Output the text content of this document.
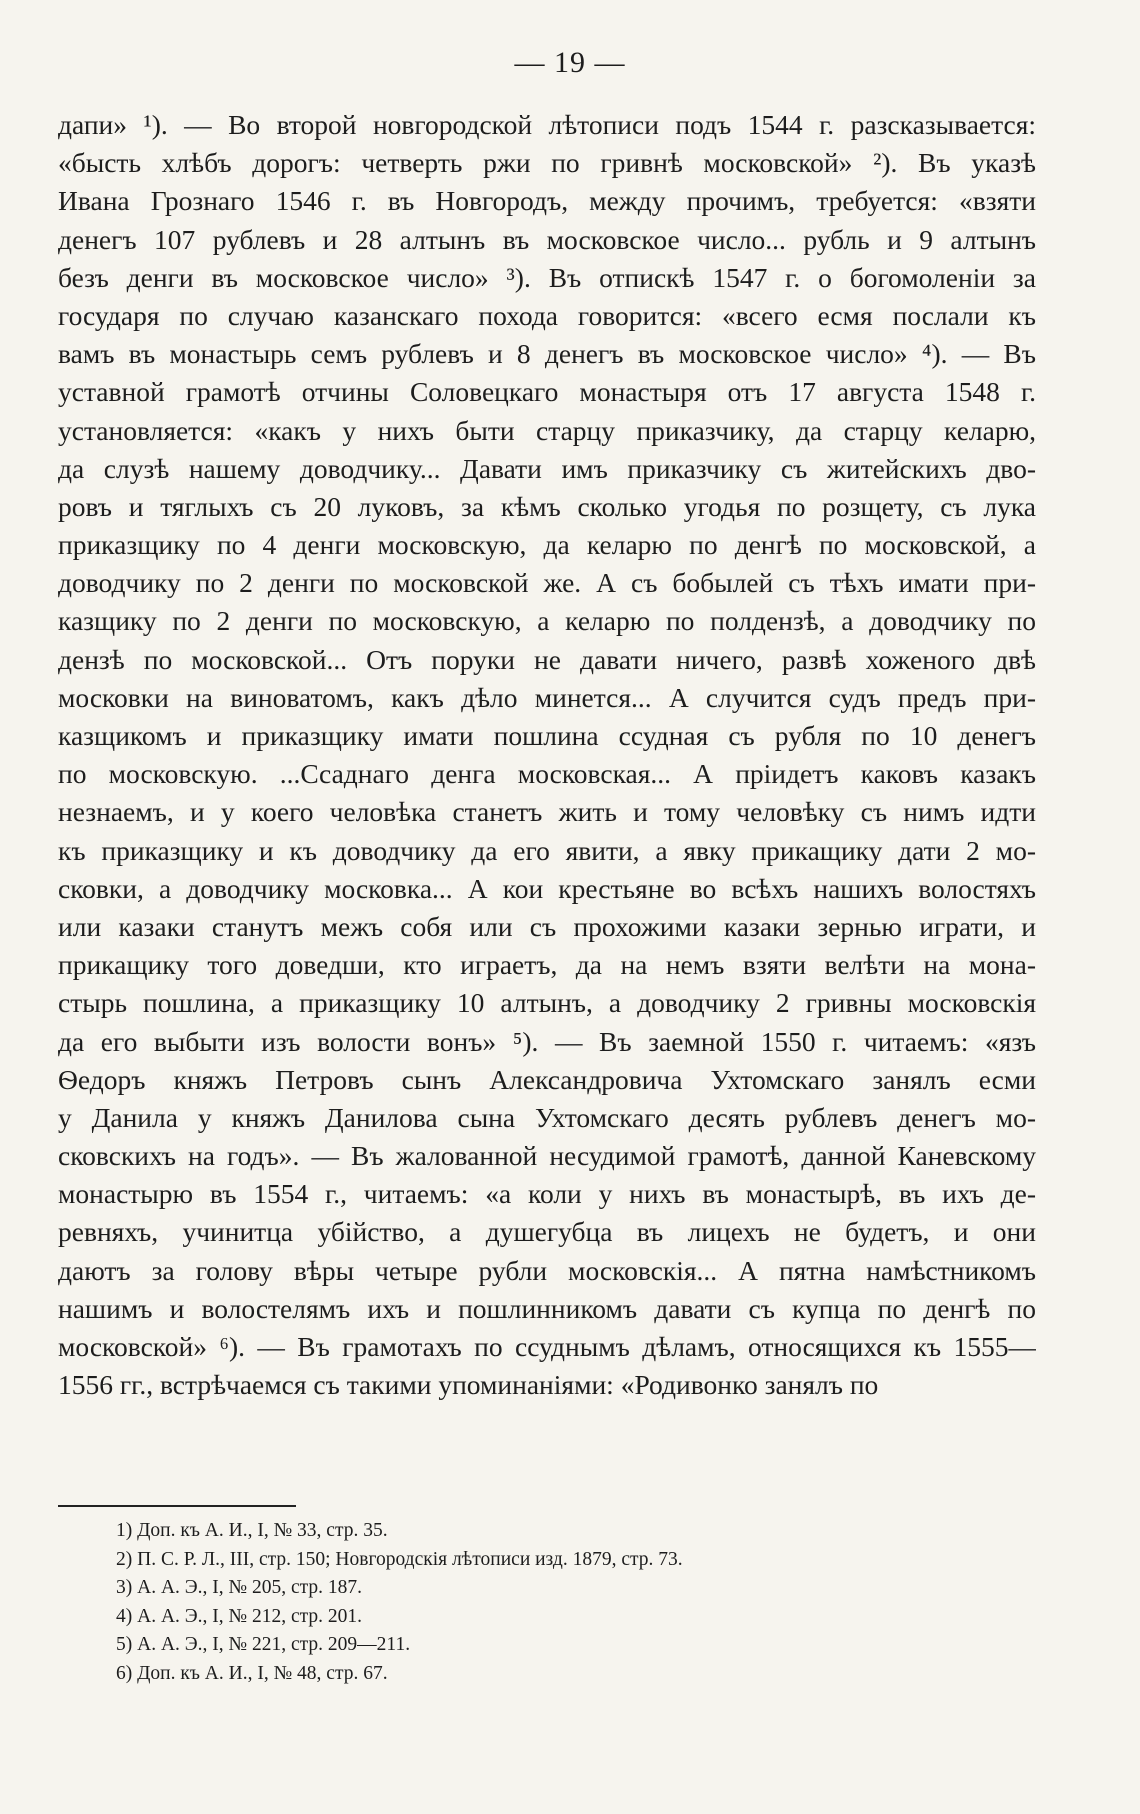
— 19 —
дапи» ¹). — Во второй новгородской лѣтописи подъ 1544 г. разсказывается:
«бысть хлѣбъ дорогъ: четверть ржи по гривнѣ московской» ²). Въ указѣ
Ивана Грознаго 1546 г. въ Новгородъ, между прочимъ, требуется: «взяти
денегъ 107 рублевъ и 28 алтынъ въ московское число... рубль и 9 алтынъ
безъ денги въ московское число» ³). Въ отпискѣ 1547 г. о богомоленіи за
государя по случаю казанскаго похода говорится: «всего есмя послали къ
вамъ въ монастырь семъ рублевъ и 8 денегъ въ московское число» ⁴). — Въ
уставной грамотѣ отчины Соловецкаго монастыря отъ 17 августа 1548 г.
установляется: «какъ у нихъ быти старцу приказчику, да старцу келарю,
да слузѣ нашему доводчику... Давати имъ приказчику съ житейскихъ дво-
ровъ и тяглыхъ съ 20 луковъ, за кѣмъ сколько угодья по розщету, съ лука
приказщику по 4 денги московскую, да келарю по денгѣ по московской, а
доводчику по 2 денги по московской же. А съ бобылей съ тѣхъ имати при-
казщику по 2 денги по московскую, а келарю по полдензѣ, а доводчику по
дензѣ по московской... Отъ поруки не давати ничего, развѣ хоженого двѣ
московки на виноватомъ, какъ дѣло минется... А случится судъ предъ при-
казщикомъ и приказщику имати пошлина ссудная съ рубля по 10 денегъ
по московскую. ...Ссаднаго денга московская... А пріидетъ каковъ казакъ
незнаемъ, и у коего человѣка станетъ жить и тому человѣку съ нимъ идти
къ приказщику и къ доводчику да его явити, а явку прикащику дати 2 мо-
сковки, а доводчику московка... А кои крестьяне во всѣхъ нашихъ волостяхъ
или казаки станутъ межъ собя или съ прохожими казаки зернью играти, и
прикащику того доведши, кто играетъ, да на немъ взяти велѣти на мона-
стырь пошлина, а приказщику 10 алтынъ, а доводчику 2 гривны московскія
да его выбыти изъ волости вонъ» ⁵). — Въ заемной 1550 г. читаемъ: «язъ
Ѳедоръ княжъ Петровъ сынъ Александровича Ухтомскаго занялъ есми
у Данила у княжъ Данилова сына Ухтомскаго десять рублевъ денегъ мо-
сковскихъ на годъ». — Въ жалованной несудимой грамотѣ, данной Каневскому
монастырю въ 1554 г., читаемъ: «а коли у нихъ въ монастырѣ, въ ихъ де-
ревняхъ, учинитца убійство, а душегубца въ лицехъ не будетъ, и они
даютъ за голову вѣры четыре рубли московскія... А пятна намѣстникомъ
нашимъ и волостелямъ ихъ и пошлинникомъ давати съ купца по денгѣ по
московской» ⁶). — Въ грамотахъ по ссуднымъ дѣламъ, относящихся къ 1555—
1556 гг., встрѣчаемся съ такими упоминаніями: «Родивонко занялъ по
1) Доп. къ А. И., I, № 33, стр. 35.
2) П. С. Р. Л., III, стр. 150; Новгородскія лѣтописи изд. 1879, стр. 73.
3) А. А. Э., I, № 205, стр. 187.
4) А. А. Э., I, № 212, стр. 201.
5) А. А. Э., I, № 221, стр. 209—211.
6) Доп. къ А. И., I, № 48, стр. 67.
